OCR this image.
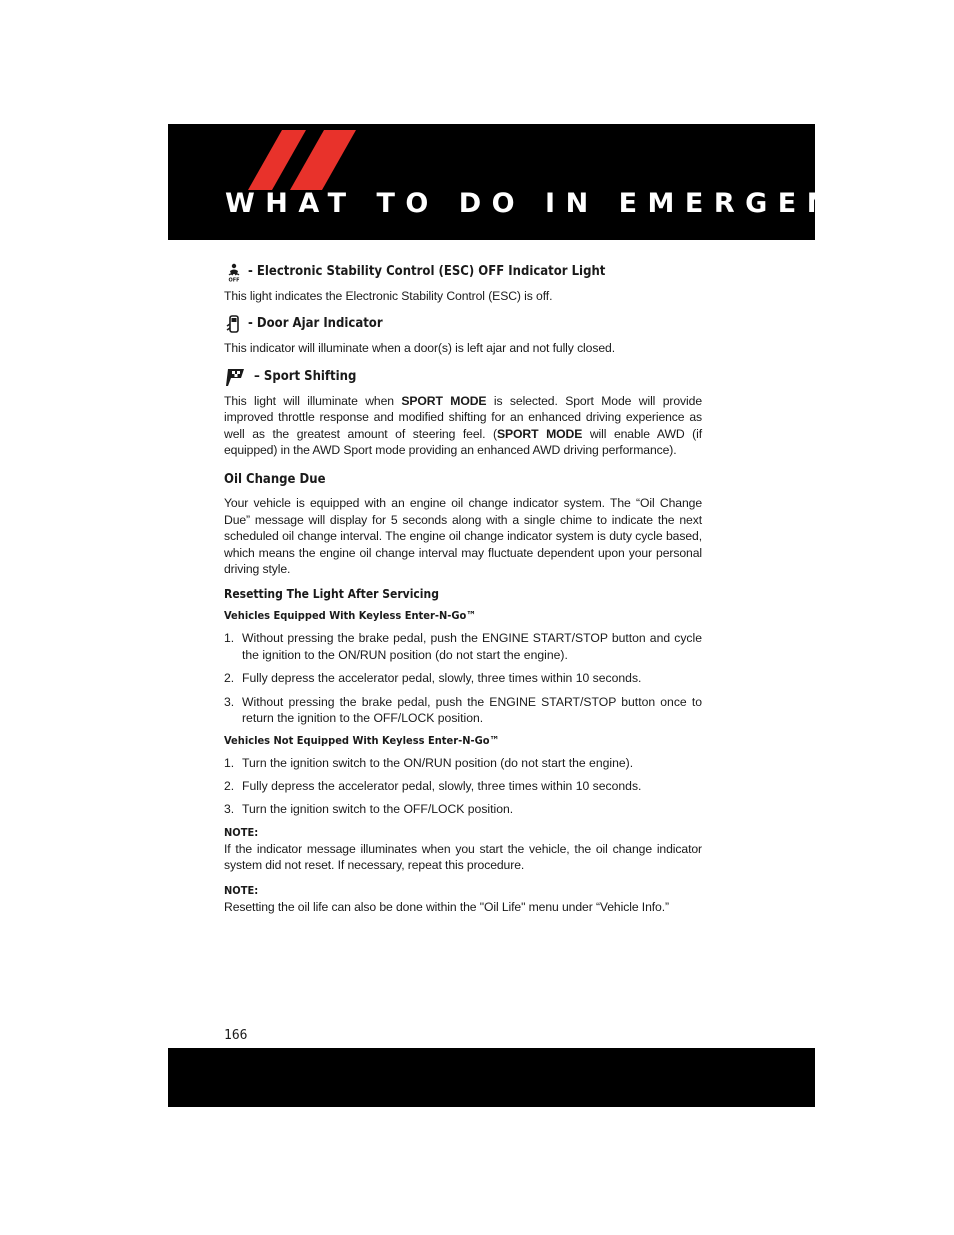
WHAT TO DO IN EMERGENCIES
OFF
- Electronic Stability Control (ESC) OFF Indicator Light
This light indicates the Electronic Stability Control (ESC) is off.
- Door Ajar Indicator
This indicator will illuminate when a door(s) is left ajar and not fully closed.
– Sport Shifting
This light will illuminate when SPORT MODE is selected. Sport Mode will provide improved throttle response and modified shifting for an enhanced driving experience as well as the greatest amount of steering feel. (SPORT MODE will enable AWD (if equipped) in the AWD Sport mode providing an enhanced AWD driving performance).
Oil Change Due
Your vehicle is equipped with an engine oil change indicator system. The “Oil Change Due” message will display for 5 seconds along with a single chime to indicate the next scheduled oil change interval. The engine oil change indicator system is duty cycle based, which means the engine oil change interval may fluctuate dependent upon your personal driving style.
Resetting The Light After Servicing
Vehicles Equipped With Keyless Enter-N-Go™
1. Without pressing the brake pedal, push the ENGINE START/STOP button and cycle the ignition to the ON/RUN position (do not start the engine).
2. Fully depress the accelerator pedal, slowly, three times within 10 seconds.
3. Without pressing the brake pedal, push the ENGINE START/STOP button once to return the ignition to the OFF/LOCK position.
Vehicles Not Equipped With Keyless Enter-N-Go™
1. Turn the ignition switch to the ON/RUN position (do not start the engine).
2. Fully depress the accelerator pedal, slowly, three times within 10 seconds.
3. Turn the ignition switch to the OFF/LOCK position.
NOTE:
If the indicator message illuminates when you start the vehicle, the oil change indicator system did not reset. If necessary, repeat this procedure.
NOTE:
Resetting the oil life can also be done within the "Oil Life" menu under “Vehicle Info.”
166
